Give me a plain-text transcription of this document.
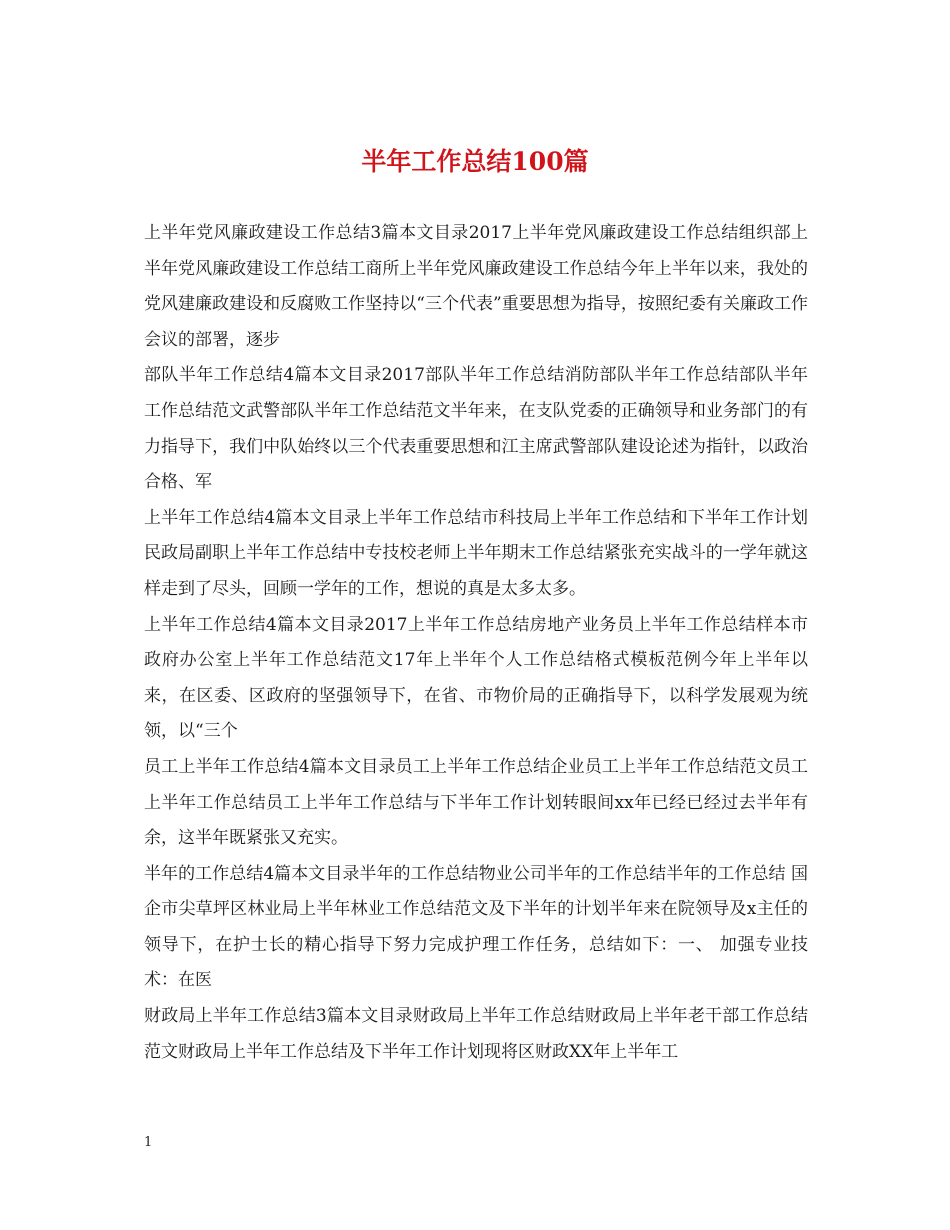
半年工作总结100篇

上半年党风廉政建设工作总结3篇本文目录2017上半年党风廉政建设工作总结组织部上半年党风廉政建设工作总结工商所上半年党风廉政建设工作总结今年上半年以来，我处的党风建廉政建设和反腐败工作坚持以“三个代表”重要思想为指导，按照纪委有关廉政工作会议的部署，逐步

部队半年工作总结4篇本文目录2017部队半年工作总结消防部队半年工作总结部队半年工作总结范文武警部队半年工作总结范文半年来，在支队党委的正确领导和业务部门的有力指导下，我们中队始终以三个代表重要思想和江主席武警部队建设论述为指针，以政治合格、军

上半年工作总结4篇本文目录上半年工作总结市科技局上半年工作总结和下半年工作计划民政局副职上半年工作总结中专技校老师上半年期末工作总结紧张充实战斗的一学年就这样走到了尽头，回顾一学年的工作，想说的真是太多太多。

上半年工作总结4篇本文目录2017上半年工作总结房地产业务员上半年工作总结样本市政府办公室上半年工作总结范文17年上半年个人工作总结格式模板范例今年上半年以来，在区委、区政府的坚强领导下，在省、市物价局的正确指导下，以科学发展观为统领，以“三个

员工上半年工作总结4篇本文目录员工上半年工作总结企业员工上半年工作总结范文员工上半年工作总结员工上半年工作总结与下半年工作计划转眼间xx年已经已经过去半年有余，这半年既紧张又充实。

半年的工作总结4篇本文目录半年的工作总结物业公司半年的工作总结半年的工作总结 国企市尖草坪区林业局上半年林业工作总结范文及下半年的计划半年来在院领导及x主任的领导下，在护士长的精心指导下努力完成护理工作任务，总结如下：一、 加强专业技术：在医

财政局上半年工作总结3篇本文目录财政局上半年工作总结财政局上半年老干部工作总结范文财政局上半年工作总结及下半年工作计划现将区财政XX年上半年工

1
